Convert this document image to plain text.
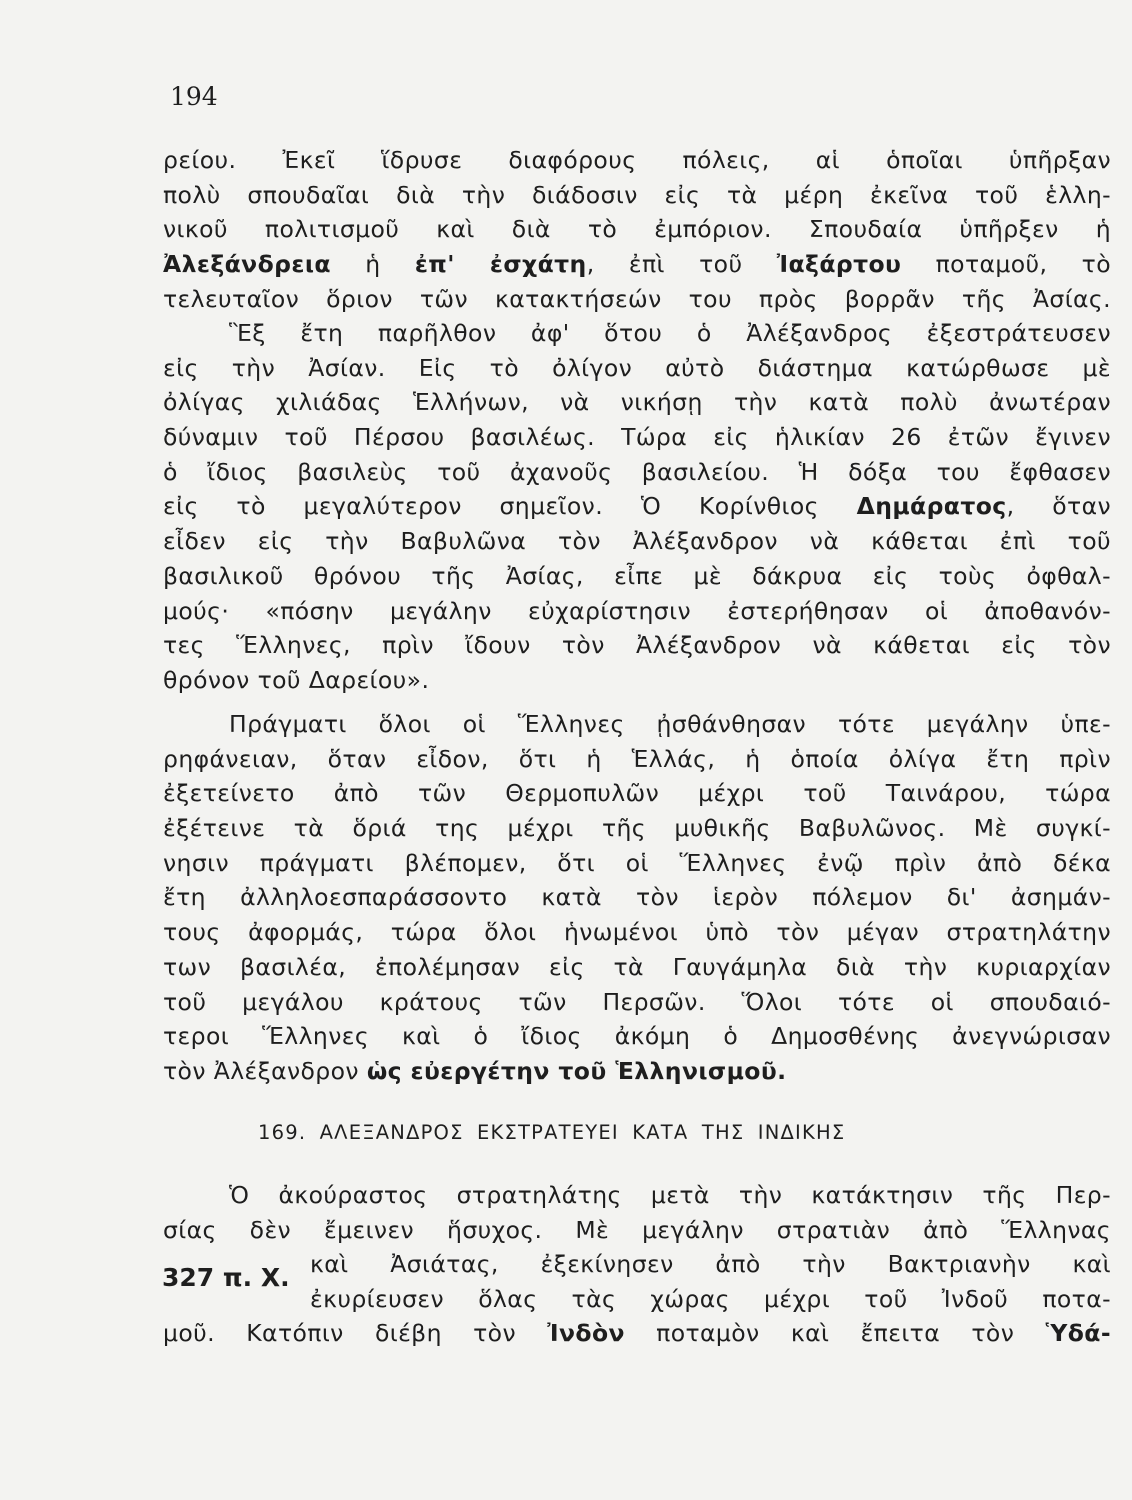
194
ρείου. Ἐκεῖ ἵδρυσε διαφόρους πόλεις, αἱ ὁποῖαι ὑπῆρξαν
πολὺ σπουδαῖαι διὰ τὴν διάδοσιν εἰς τὰ μέρη ἐκεῖνα τοῦ ἑλλη-
νικοῦ πολιτισμοῦ καὶ διὰ τὸ ἐμπόριον. Σπουδαία ὑπῆρξεν ἡ
Ἀλεξάνδρεια ἡ ἐπ' ἐσχάτη, ἐπὶ τοῦ Ἰαξάρτου ποταμοῦ, τὸ
τελευταῖον ὅριον τῶν κατακτήσεών του πρὸς βορρᾶν τῆς Ἀσίας.
Ἓξ ἔτη παρῆλθον ἀφ' ὅτου ὁ Ἀλέξανδρος ἐξεστράτευσεν
εἰς τὴν Ἀσίαν. Εἰς τὸ ὀλίγον αὐτὸ διάστημα κατώρθωσε μὲ
ὀλίγας χιλιάδας Ἑλλήνων, νὰ νικήσῃ τὴν κατὰ πολὺ ἀνωτέραν
δύναμιν τοῦ Πέρσου βασιλέως. Τώρα εἰς ἡλικίαν 26 ἐτῶν ἔγινεν
ὁ ἴδιος βασιλεὺς τοῦ ἀχανοῦς βασιλείου. Ἡ δόξα του ἔφθασεν
εἰς τὸ μεγαλύτερον σημεῖον. Ὁ Κορίνθιος Δημάρατος, ὅταν
εἶδεν εἰς τὴν Βαβυλῶνα τὸν Ἀλέξανδρον νὰ κάθεται ἐπὶ τοῦ
βασιλικοῦ θρόνου τῆς Ἀσίας, εἶπε μὲ δάκρυα εἰς τοὺς ὀφθαλ-
μούς· «πόσην μεγάλην εὐχαρίστησιν ἐστερήθησαν οἱ ἀποθανόν-
τες Ἕλληνες, πρὶν ἴδουν τὸν Ἀλέξανδρον νὰ κάθεται εἰς τὸν
θρόνον τοῦ Δαρείου».
Πράγματι ὅλοι οἱ Ἕλληνες ᾐσθάνθησαν τότε μεγάλην ὑπε-
ρηφάνειαν, ὅταν εἶδον, ὅτι ἡ Ἑλλάς, ἡ ὁποία ὀλίγα ἔτη πρὶν
ἐξετείνετο ἀπὸ τῶν Θερμοπυλῶν μέχρι τοῦ Ταινάρου, τώρα
ἐξέτεινε τὰ ὅριά της μέχρι τῆς μυθικῆς Βαβυλῶνος. Μὲ συγκί-
νησιν πράγματι βλέπομεν, ὅτι οἱ Ἕλληνες ἐνῷ πρὶν ἀπὸ δέκα
ἔτη ἀλληλοεσπαράσσοντο κατὰ τὸν ἱερὸν πόλεμον δι' ἀσημάν-
τους ἀφορμάς, τώρα ὅλοι ἡνωμένοι ὑπὸ τὸν μέγαν στρατηλάτην
των βασιλέα, ἐπολέμησαν εἰς τὰ Γαυγάμηλα διὰ τὴν κυριαρχίαν
τοῦ μεγάλου κράτους τῶν Περσῶν. Ὅλοι τότε οἱ σπουδαιό-
τεροι Ἕλληνες καὶ ὁ ἴδιος ἀκόμη ὁ Δημοσθένης ἀνεγνώρισαν
τὸν Ἀλέξανδρον ὡς εὐεργέτην τοῦ Ἑλληνισμοῦ.
169. ΑΛΕΞΑΝΔΡΟΣ ΕΚΣΤΡΑΤΕΥΕΙ ΚΑΤΑ ΤΗΣ ΙΝΔΙΚΗΣ
Ὁ ἀκούραστος στρατηλάτης μετὰ τὴν κατάκτησιν τῆς Περ-
σίας δὲν ἔμεινεν ἥσυχος. Μὲ μεγάλην στρατιὰν ἀπὸ Ἕλληνας
327 π. Χ. καὶ Ἀσιάτας, ἐξεκίνησεν ἀπὸ τὴν Βακτριανὴν καὶ
ἐκυρίευσεν ὅλας τὰς χώρας μέχρι τοῦ Ἰνδοῦ ποτα-
μοῦ. Κατόπιν διέβη τὸν Ἰνδὸν ποταμὸν καὶ ἔπειτα τὸν Ὑδά-
